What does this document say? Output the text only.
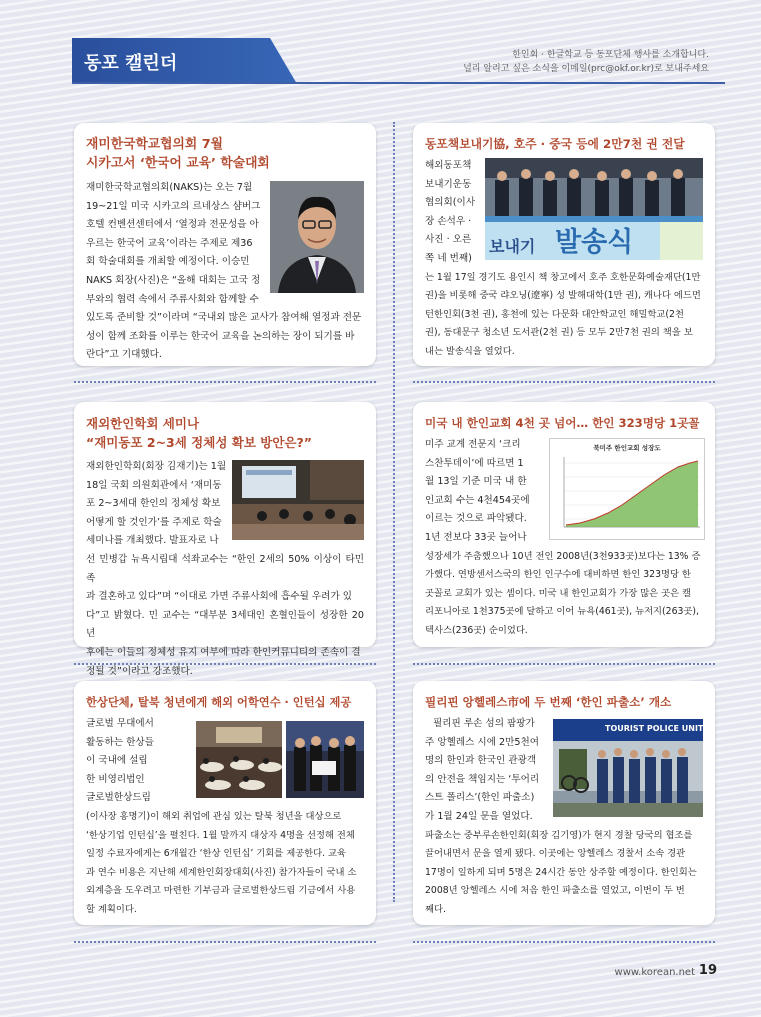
동포 캘린더	한인회 · 한글학교 등 동포단체 행사를 소개합니다.
널리 알리고 싶은 소식을 이메일(prc@okf.or.kr)로 보내주세요
재미한국학교협의회 7월
시카고서 ‘한국어 교육’ 학술대회
재미한국학교협의회(NAKS)는 오는 7월
19~21일 미국 시카고의 르네상스 샴버그
호텔 컨벤션센터에서 ‘열정과 전문성을 아
우르는 한국어 교육’이라는 주제로 제36
회 학술대회를 개최할 예정이다. 이승민
NAKS 회장(사진)은 “올해 대회는 고국 정
부와의 협력 속에서 주류사회와 함께할 수
있도록 준비할 것”이라며 “국내외 많은 교사가 참여해 열정과 전문
성이 함께 조화를 이루는 한국어 교육을 논의하는 장이 되기를 바
란다”고 기대했다.
동포책보내기協, 호주 · 중국 등에 2만7천 권 전달
보내기 발송식
해외동포책
보내기운동
협의회(이사
장 손석우 ·
사진 · 오른
쪽 네 번째)
는 1월 17일 경기도 용인시 책 창고에서 호주 호한문화예술재단(1만
권)을 비롯해 중국 랴오닝(遼寧) 성 발해대학(1만 권), 캐나다 에드먼
턴한인회(3천 권), 홍천에 있는 다문화 대안학교인 해밀학교(2천
권), 동대문구 청소년 도서관(2천 권) 등 모두 2만7천 권의 책을 보
내는 발송식을 열었다.
재외한인학회 세미나
“재미동포 2~3세 정체성 확보 방안은?”
재외한인학회(회장 김재기)는 1월
18일 국회 의원회관에서 ‘재미동
포 2~3세대 한인의 정체성 확보
어떻게 할 것인가’를 주제로 학술
세미나를 개최했다. 발표자로 나
선 민병갑 뉴욕시립대 석좌교수는 “한인 2세의 50% 이상이 타민족
과 결혼하고 있다”며 “이대로 가면 주류사회에 흡수될 우려가 있
다”고 밝혔다. 민 교수는 “대부분 3세대인 혼혈인들이 성장한 20년
후에는 이들의 정체성 유지 여부에 따라 한인커뮤니티의 존속이 결
정될 것”이라고 강조했다.
미국 내 한인교회 4천 곳 넘어… 한인 323명당 1곳꼴
북미주 한인교회 성장도
미주 교계 전문지 ‘크리
스찬투데이’에 따르면 1
월 13일 기준 미국 내 한
인교회 수는 4천454곳에
이르는 것으로 파악됐다.
1년 전보다 33곳 늘어나
성장세가 주춤했으나 10년 전인 2008년(3천933곳)보다는 13% 증
가했다. 연방센서스국의 한인 인구수에 대비하면 한인 323명당 한
곳꼴로 교회가 있는 셈이다. 미국 내 한인교회가 가장 많은 곳은 캘
리포니아로 1천375곳에 달하고 이어 뉴욕(461곳), 뉴저지(263곳),
텍사스(236곳) 순이었다.
한상단체, 탈북 청년에게 해외 어학연수 · 인턴십 제공
글로벌 무대에서
활동하는 한상들
이 국내에 설립
한 비영리법인
글로벌한상드림
(이사장 홍명기)이 해외 취업에 관심 있는 탈북 청년을 대상으로
‘한상기업 인턴십’을 펼친다. 1월 말까지 대상자 4명을 선정해 전체
일정 수료자에게는 6개월간 ‘한상 인턴십’ 기회를 제공한다. 교육
과 연수 비용은 지난해 세계한인회장대회(사진) 참가자들이 국내 소
외계층을 도우려고 마련한 기부금과 글로벌한상드림 기금에서 사용
할 계획이다.
필리핀 앙헬레스市에 두 번째 ‘한인 파출소’ 개소
TOURIST POLICE UNIT
필리핀 루손 섬의 팜팡가
주 앙헬레스 시에 2만5천여
명의 한인과 한국인 관광객
의 안전을 책임지는 ‘투어리
스트 폴리스’(한인 파출소)
가 1월 24일 문을 열었다.
파출소는 중부루손한인회(회장 김기영)가 현지 경찰 당국의 협조를
끌어내면서 문을 열게 됐다. 이곳에는 앙헬레스 경찰서 소속 경관
17명이 일하게 되며 5명은 24시간 동안 상주할 예정이다. 한인회는
2008년 앙헬레스 시에 처음 한인 파출소를 열었고, 이번이 두 번
째다.
www.korean.net 19
